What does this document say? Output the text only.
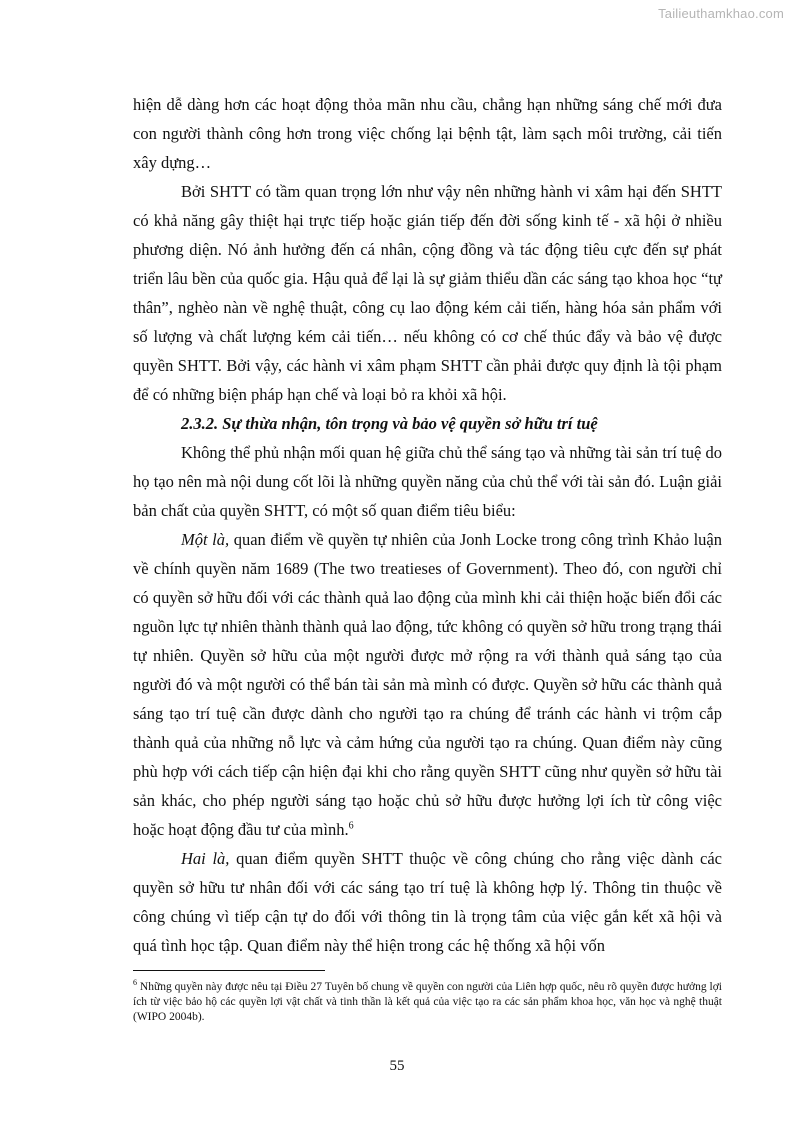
Tailieuthamkhao.com

hiện dễ dàng hơn các hoạt động thỏa mãn nhu cầu, chẳng hạn những sáng chế mới đưa con người thành công hơn trong việc chống lại bệnh tật, làm sạch môi trường, cải tiến xây dựng…

Bởi SHTT có tầm quan trọng lớn như vậy nên những hành vi xâm hại đến SHTT có khả năng gây thiệt hại trực tiếp hoặc gián tiếp đến đời sống kinh tế - xã hội ở nhiều phương diện. Nó ảnh hưởng đến cá nhân, cộng đồng và tác động tiêu cực đến sự phát triển lâu bền của quốc gia. Hậu quả để lại là sự giảm thiểu dần các sáng tạo khoa học “tự thân”, nghèo nàn về nghệ thuật, công cụ lao động kém cải tiến, hàng hóa sản phẩm với số lượng và chất lượng kém cải tiến… nếu không có cơ chế thúc đẩy và bảo vệ được quyền SHTT. Bởi vậy, các hành vi xâm phạm SHTT cần phải được quy định là tội phạm để có những biện pháp hạn chế và loại bỏ ra khỏi xã hội.

2.3.2. Sự thừa nhận, tôn trọng và bảo vệ quyền sở hữu trí tuệ

Không thể phủ nhận mối quan hệ giữa chủ thể sáng tạo và những tài sản trí tuệ do họ tạo nên mà nội dung cốt lõi là những quyền năng của chủ thể với tài sản đó. Luận giải bản chất của quyền SHTT, có một số quan điểm tiêu biểu:

Một là, quan điểm về quyền tự nhiên của Jonh Locke trong công trình Khảo luận về chính quyền năm 1689 (The two treatieses of Government). Theo đó, con người chỉ có quyền sở hữu đối với các thành quả lao động của mình khi cải thiện hoặc biến đổi các nguồn lực tự nhiên thành thành quả lao động, tức không có quyền sở hữu trong trạng thái tự nhiên. Quyền sở hữu của một người được mở rộng ra với thành quả sáng tạo của người đó và một người có thể bán tài sản mà mình có được. Quyền sở hữu các thành quả sáng tạo trí tuệ cần được dành cho người tạo ra chúng để tránh các hành vi trộm cắp thành quả của những nỗ lực và cảm hứng của người tạo ra chúng. Quan điểm này cũng phù hợp với cách tiếp cận hiện đại khi cho rằng quyền SHTT cũng như quyền sở hữu tài sản khác, cho phép người sáng tạo hoặc chủ sở hữu được hưởng lợi ích từ công việc hoặc hoạt động đầu tư của mình.$^6$

Hai là, quan điểm quyền SHTT thuộc về công chúng cho rằng việc dành các quyền sở hữu tư nhân đối với các sáng tạo trí tuệ là không hợp lý. Thông tin thuộc về công chúng vì tiếp cận tự do đối với thông tin là trọng tâm của việc gắn kết xã hội và quá tình học tập. Quan điểm này thể hiện trong các hệ thống xã hội vốn

$^6$ Những quyền này được nêu tại Điều 27 Tuyên bố chung về quyền con người của Liên hợp quốc, nêu rõ quyền được hưởng lợi ích từ việc bảo hộ các quyền lợi vật chất và tinh thần là kết quả của việc tạo ra các sản phẩm khoa học, văn học và nghệ thuật (WIPO 2004b).
55
